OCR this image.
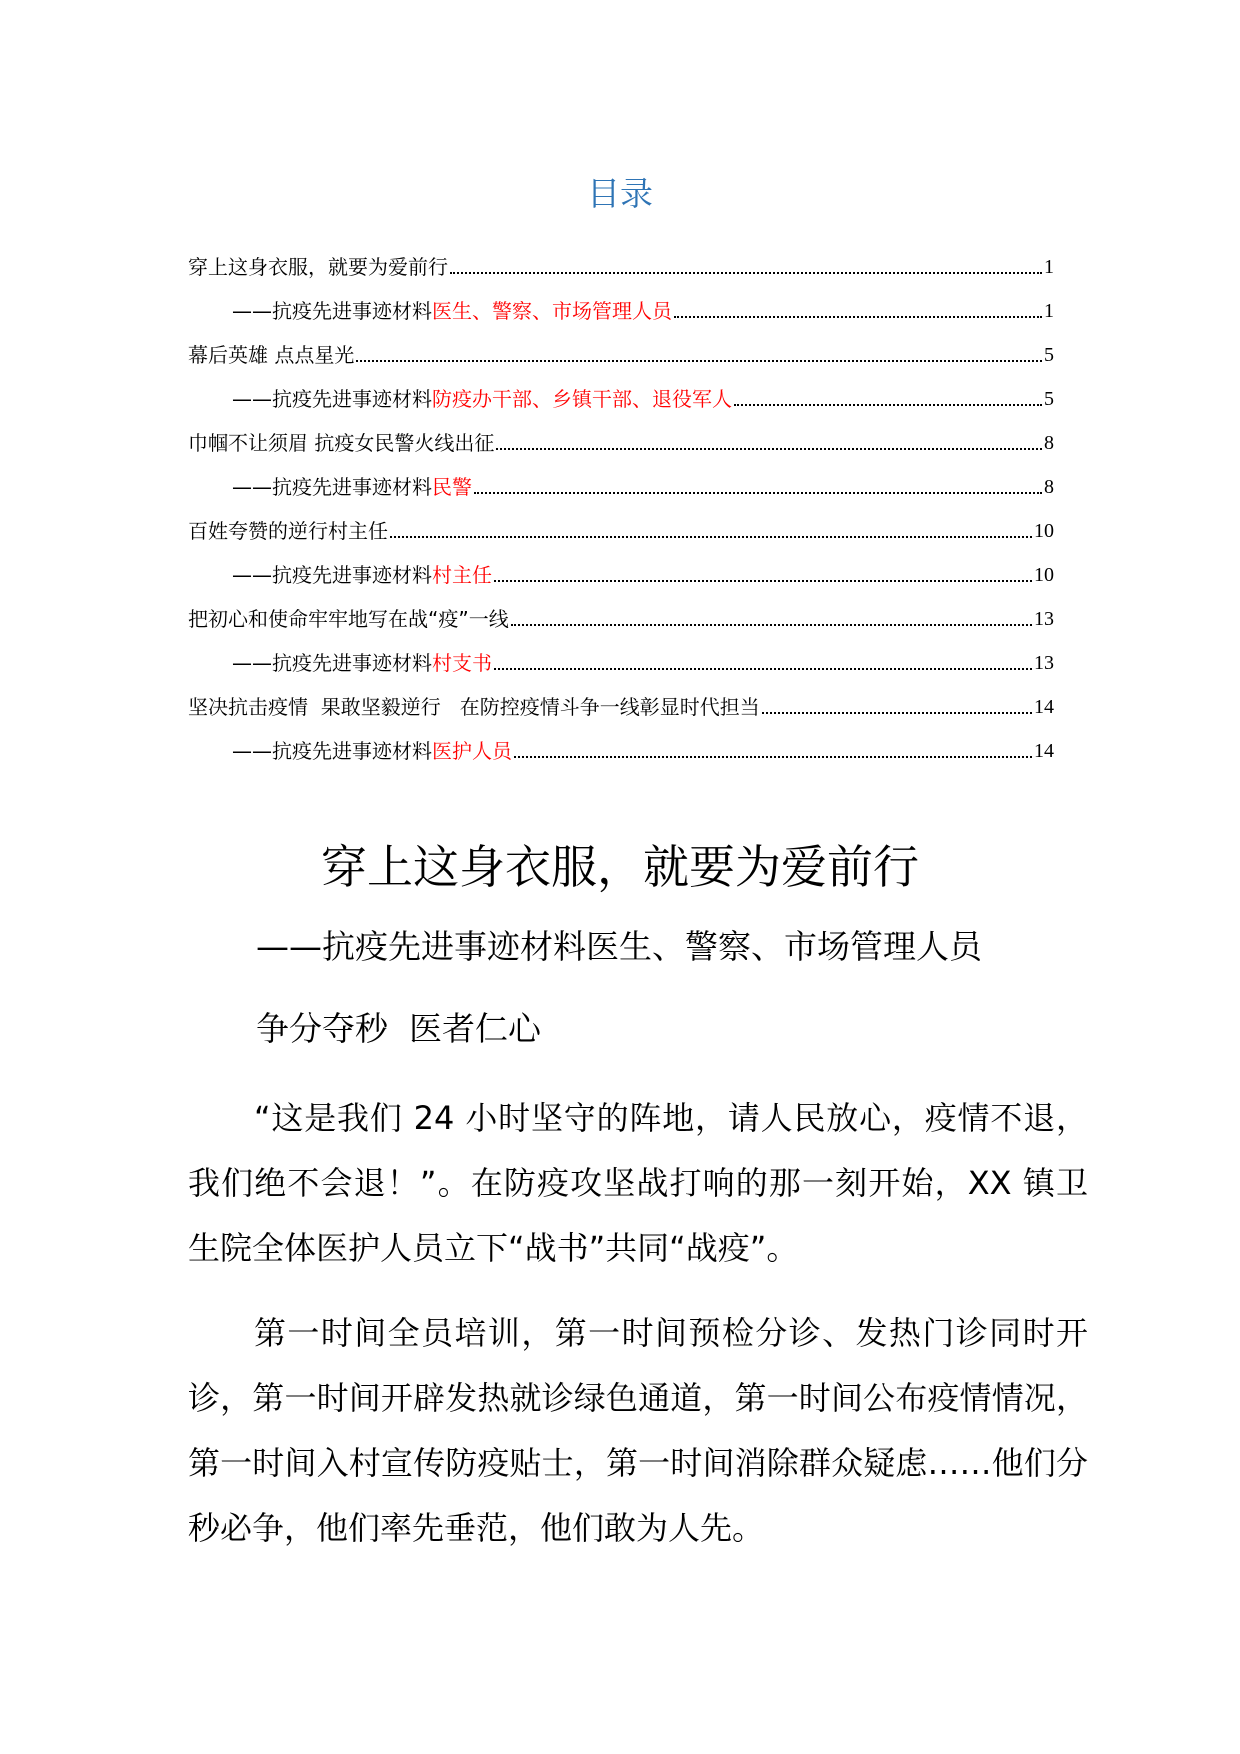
目录
穿上这身衣服，就要为爱前行	1
——抗疫先进事迹材料 医生、警察、市场管理人员	1
幕后英雄 点点星光	5
——抗疫先进事迹材料 防疫办干部、乡镇干部、退役军人	5
巾帼不让须眉 抗疫女民警火线出征	8
——抗疫先进事迹材料 民警	8
百姓夸赞的逆行村主任	10
——抗疫先进事迹材料 村主任	10
把初心和使命牢牢地写在战“疫”一线	13
——抗疫先进事迹材料 村支书	13
坚决抗击疫情  果敢坚毅逆行   在防控疫情斗争一线彰显时代担当	14
——抗疫先进事迹材料 医护人员	14
穿上这身衣服，就要为爱前行
——抗疫先进事迹材料医生、警察、市场管理人员
争分夺秒  医者仁心
“这是我们 24 小时坚守的阵地，请人民放心，疫情不退，我们绝不会退！”。在防疫攻坚战打响的那一刻开始，XX 镇卫生院全体医护人员立下“战书”共同“战疫”。
第一时间全员培训，第一时间预检分诊、发热门诊同时开诊，第一时间开辟发热就诊绿色通道，第一时间公布疫情情况，第一时间入村宣传防疫贴士，第一时间消除群众疑虑……他们分秒必争，他们率先垂范，他们敢为人先。
